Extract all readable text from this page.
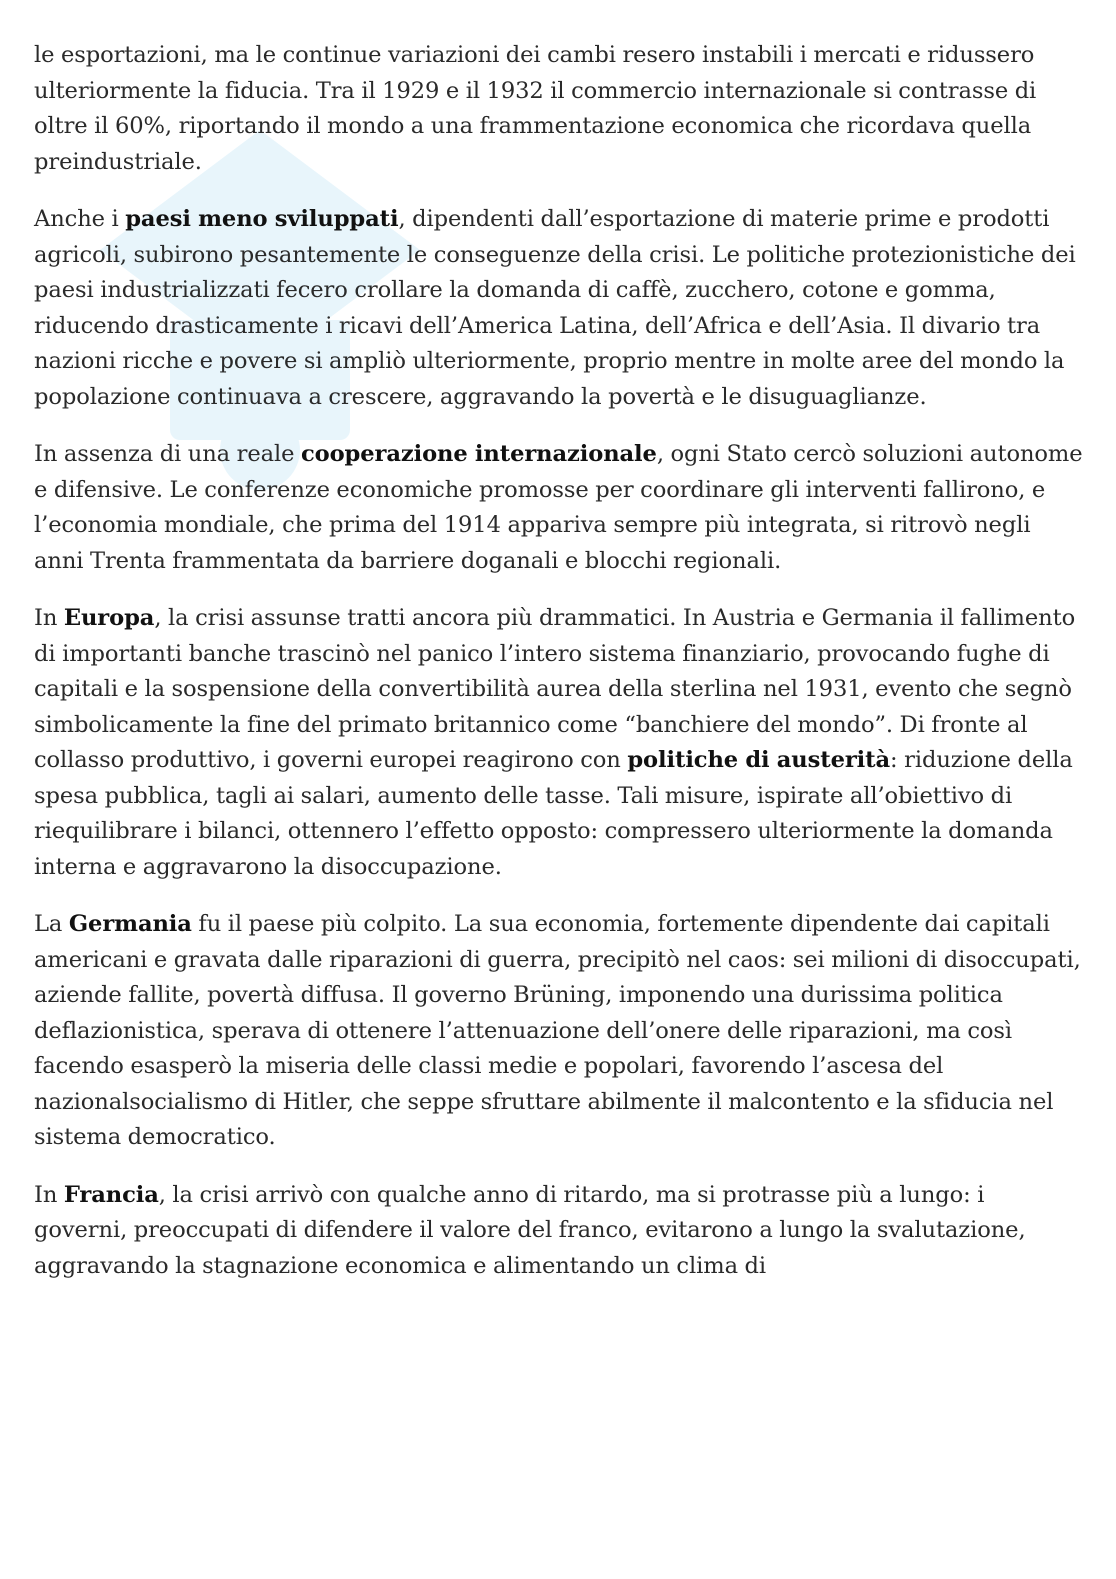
le esportazioni, ma le continue variazioni dei cambi resero instabili i mercati e ridussero ulteriormente la fiducia. Tra il 1929 e il 1932 il commercio internazionale si contrasse di oltre il 60%, riportando il mondo a una frammentazione economica che ricordava quella preindustriale.

Anche i paesi meno sviluppati, dipendenti dall’esportazione di materie prime e prodotti agricoli, subirono pesantemente le conseguenze della crisi. Le politiche protezionistiche dei paesi industrializzati fecero crollare la domanda di caffè, zucchero, cotone e gomma, riducendo drasticamente i ricavi dell’America Latina, dell’Africa e dell’Asia. Il divario tra nazioni ricche e povere si ampliò ulteriormente, proprio mentre in molte aree del mondo la popolazione continuava a crescere, aggravando la povertà e le disuguaglianze.

In assenza di una reale cooperazione internazionale, ogni Stato cercò soluzioni autonome e difensive. Le conferenze economiche promosse per coordinare gli interventi fallirono, e l’economia mondiale, che prima del 1914 appariva sempre più integrata, si ritrovò negli anni Trenta frammentata da barriere doganali e blocchi regionali.

In Europa, la crisi assunse tratti ancora più drammatici. In Austria e Germania il fallimento di importanti banche trascinò nel panico l’intero sistema finanziario, provocando fughe di capitali e la sospensione della convertibilità aurea della sterlina nel 1931, evento che segnò simbolicamente la fine del primato britannico come “banchiere del mondo”. Di fronte al collasso produttivo, i governi europei reagirono con politiche di austerità: riduzione della spesa pubblica, tagli ai salari, aumento delle tasse. Tali misure, ispirate all’obiettivo di riequilibrare i bilanci, ottennero l’effetto opposto: compressero ulteriormente la domanda interna e aggravarono la disoccupazione.

La Germania fu il paese più colpito. La sua economia, fortemente dipendente dai capitali americani e gravata dalle riparazioni di guerra, precipitò nel caos: sei milioni di disoccupati, aziende fallite, povertà diffusa. Il governo Brüning, imponendo una durissima politica deflazionistica, sperava di ottenere l’attenuazione dell’onere delle riparazioni, ma così facendo esasperò la miseria delle classi medie e popolari, favorendo l’ascesa del nazionalsocialismo di Hitler, che seppe sfruttare abilmente il malcontento e la sfiducia nel sistema democratico.

In Francia, la crisi arrivò con qualche anno di ritardo, ma si protrasse più a lungo: i governi, preoccupati di difendere il valore del franco, evitarono a lungo la svalutazione, aggravando la stagnazione economica e alimentando un clima di
